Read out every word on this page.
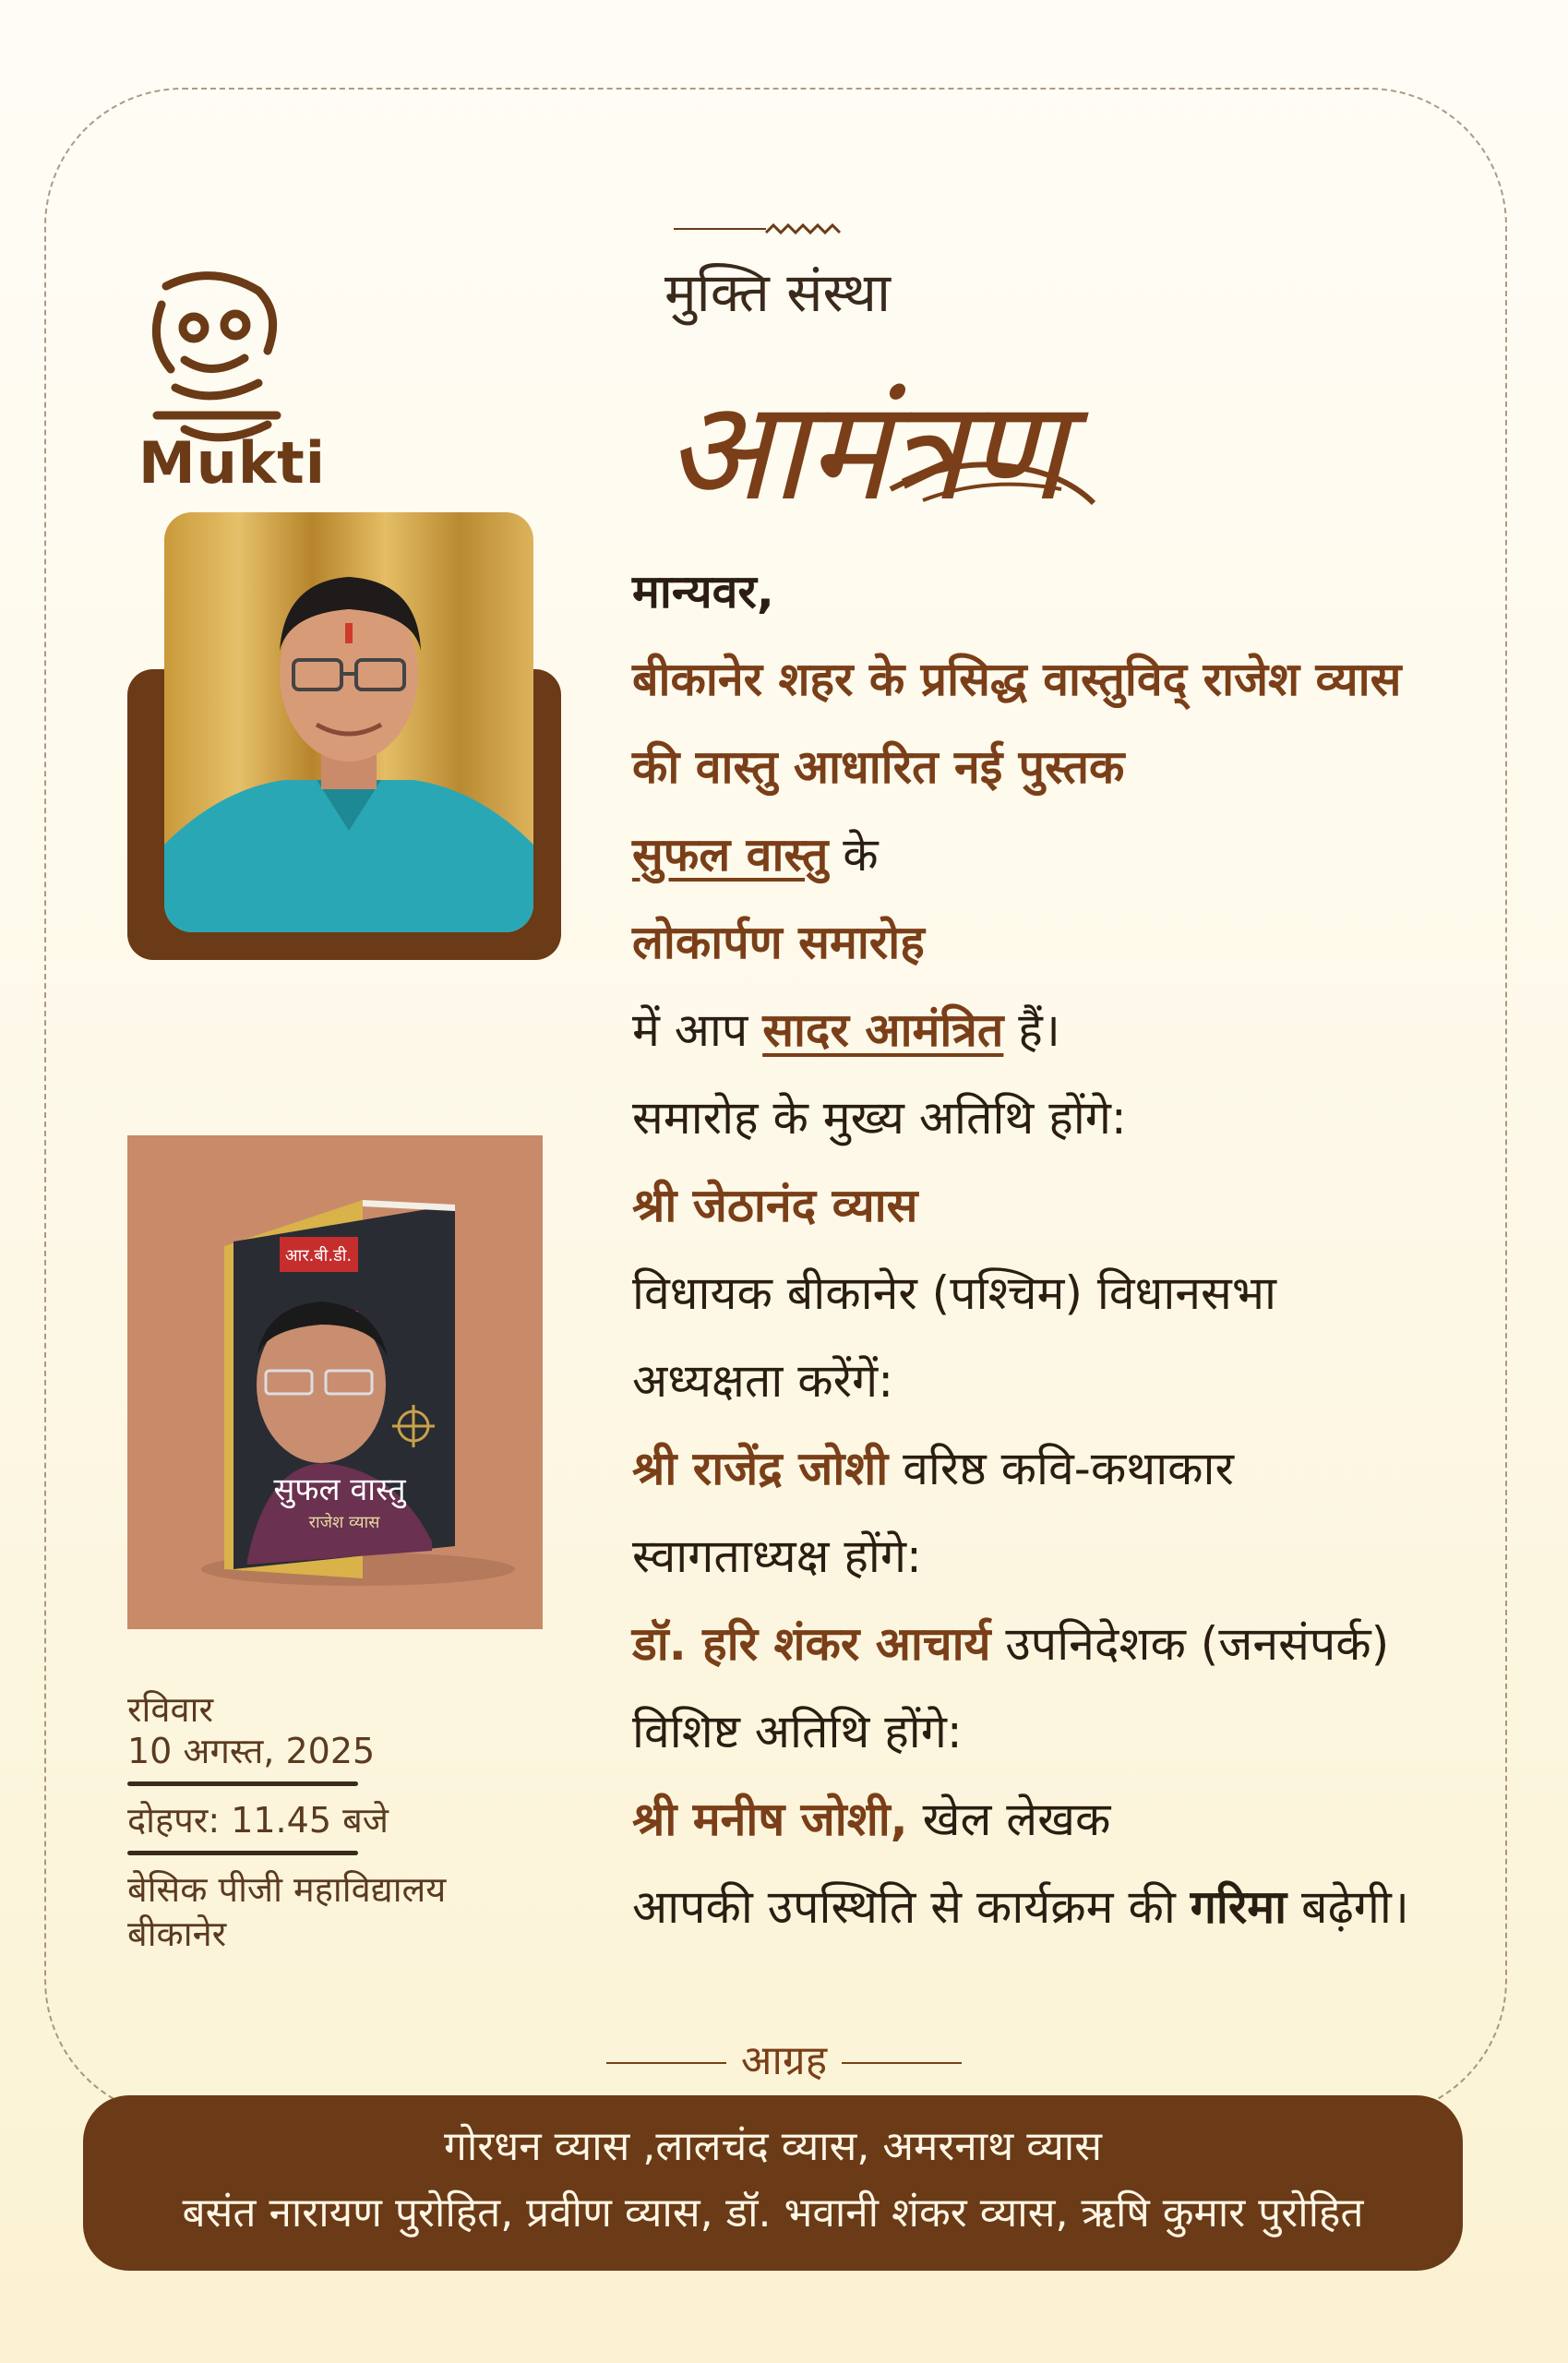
Mukti
मुक्ति संस्था
आमंत्रण
आर.बी.डी.
सुफल वास्तु
राजेश व्यास
रविवार
10 अगस्त, 2025
दोहपर: 11.45 बजे
बेसिक पीजी महाविद्यालय
बीकानेर
मान्यवर,
बीकानेर शहर के प्रसिद्ध वास्तुविद् राजेश व्यास
की वास्तु आधारित नई पुस्तक
सुफल वास्तु के
लोकार्पण समारोह
में आप सादर आमंत्रित हैं।
समारोह के मुख्य अतिथि होंगे:
श्री जेठानंद व्यास
विधायक बीकानेर (पश्चिम) विधानसभा
अध्यक्षता करेंगें:
श्री राजेंद्र जोशी वरिष्ठ कवि-कथाकार
स्वागताध्यक्ष होंगे:
डॉ. हरि शंकर आचार्य उपनिदेशक (जनसंपर्क)
विशिष्ट अतिथि होंगे:
श्री मनीष जोशी, खेल लेखक
आपकी उपस्थिति से कार्यक्रम की गरिमा बढ़ेगी।
आग्रह
गोरधन व्यास ,लालचंद व्यास, अमरनाथ व्यास
बसंत नारायण पुरोहित, प्रवीण व्यास, डॉ. भवानी शंकर व्यास, ऋषि कुमार पुरोहित
